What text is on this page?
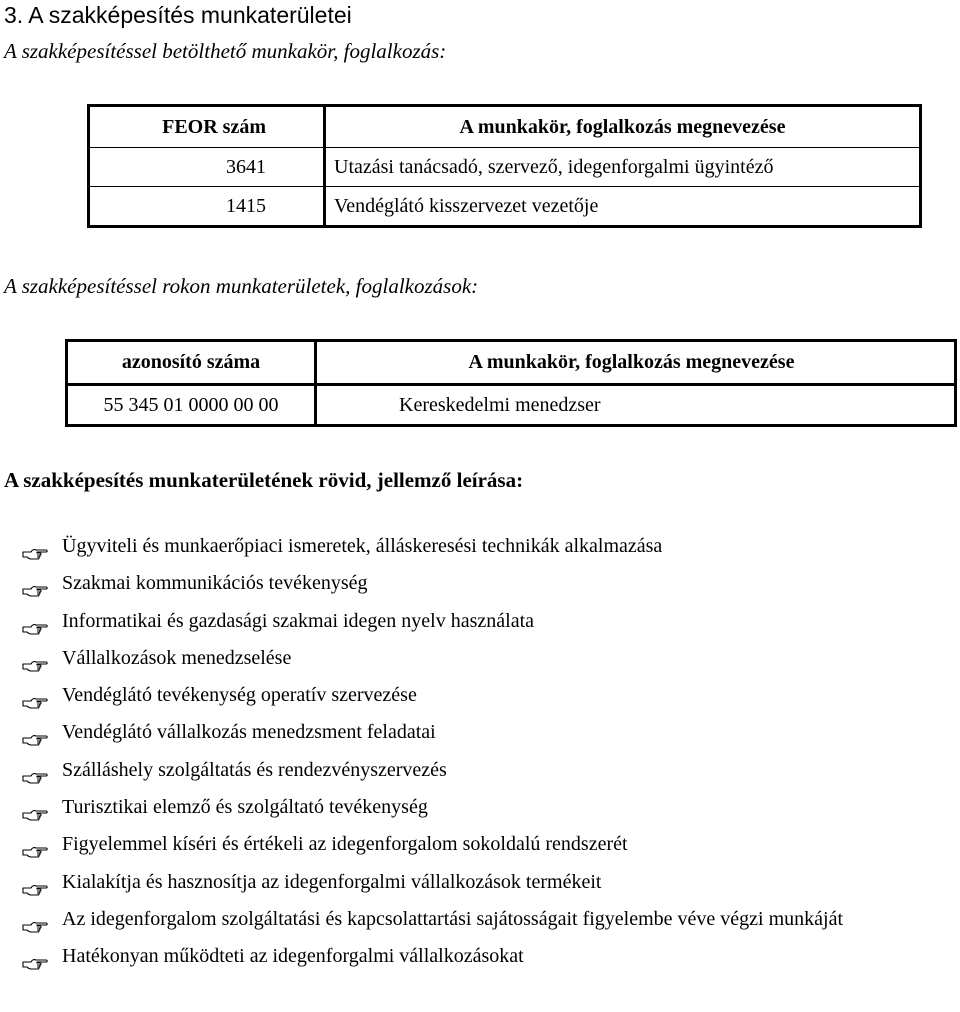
3. A szakképesítés munkaterületei
A szakképesítéssel betölthető munkakör, foglalkozás:
FEOR szám	A munkakör, foglalkozás megnevezése
3641	Utazási tanácsadó, szervező, idegenforgalmi ügyintéző
1415	Vendéglátó kisszervezet vezetője
A szakképesítéssel rokon munkaterületek, foglalkozások:
azonosító száma	A munkakör, foglalkozás megnevezése
55 345 01 0000 00 00	Kereskedelmi menedzser
A szakképesítés munkaterületének rövid, jellemző leírása:
Ügyviteli és munkaerőpiaci ismeretek, álláskeresési technikák alkalmazása
Szakmai kommunikációs tevékenység
Informatikai és gazdasági szakmai idegen nyelv használata
Vállalkozások menedzselése
Vendéglátó tevékenység operatív szervezése
Vendéglátó vállalkozás menedzsment feladatai
Szálláshely szolgáltatás és rendezvényszervezés
Turisztikai elemző és szolgáltató tevékenység
Figyelemmel kíséri és értékeli az idegenforgalom sokoldalú rendszerét
Kialakítja és hasznosítja az idegenforgalmi vállalkozások termékeit
Az idegenforgalom szolgáltatási és kapcsolattartási sajátosságait figyelembe véve végzi munkáját
Hatékonyan működteti az idegenforgalmi vállalkozásokat
